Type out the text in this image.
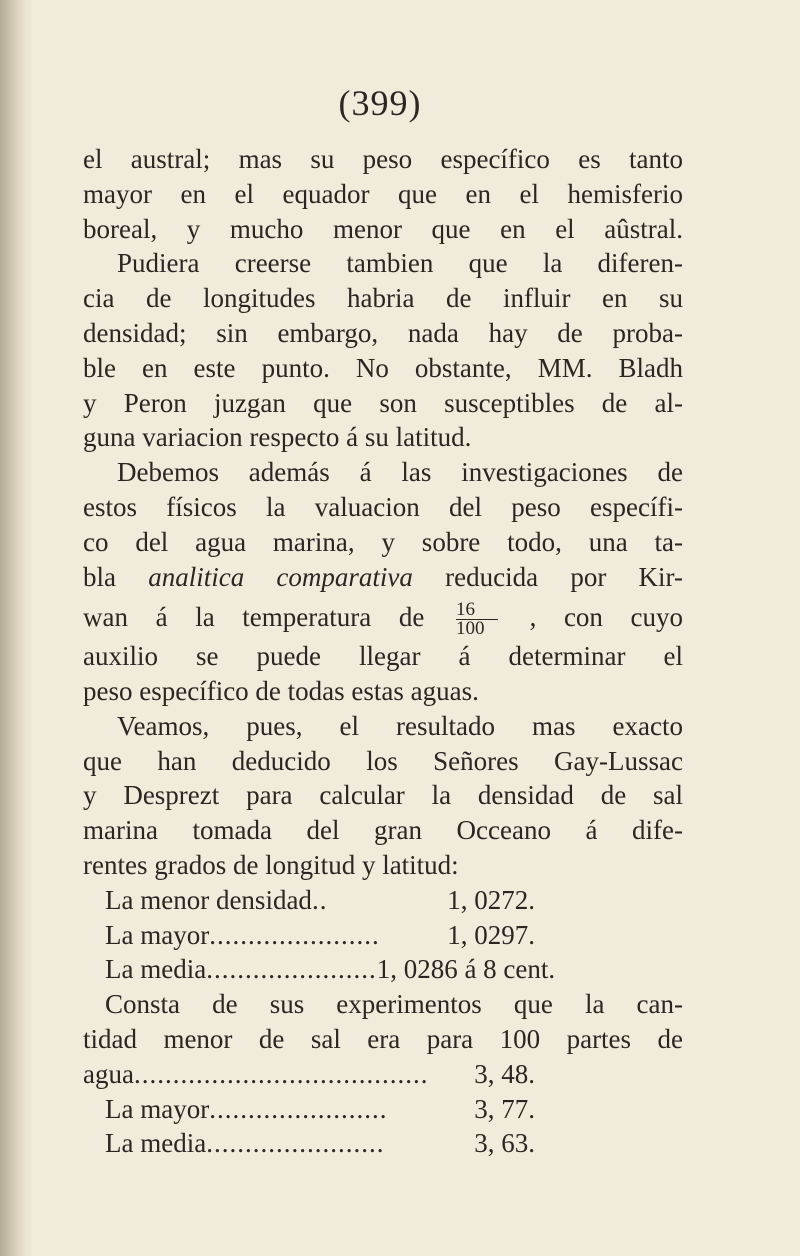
(399)
el austral; mas su peso específico es tanto
mayor en el equador que en el hemisferio
boreal, y mucho menor que en el aûstral.
Pudiera creerse tambien que la diferen-
cia de longitudes habria de influir en su
densidad; sin embargo, nada hay de proba-
ble en este punto. No obstante, MM. Bladh
y Peron juzgan que son susceptibles de al-
guna variacion respecto á su latitud.
Debemos además á las investigaciones de
estos físicos la valuacion del peso específi-
co del agua marina, y sobre todo, una ta-
bla analitica comparativa reducida por Kir-
wan á la temperatura de $\frac{16}{100}$ , con cuyo
auxilio se puede llegar á determinar el
peso específico de todas estas aguas.
Veamos, pues, el resultado mas exacto
que han deducido los Señores Gay-Lussac
y Desprezt para calcular la densidad de sal
marina tomada del gran Occeano á dife-
rentes grados de longitud y latitud:
La menor densidad ..	1, 0272.
La mayor ......................	1, 0297.
La media ...................... 1, 0286 á 8 cent.
Consta de sus experimentos que la can-
tidad menor de sal era para 100 partes de
agua ......................................	3, 48.
La mayor .......................	3, 77.
La media .......................	3, 63.
